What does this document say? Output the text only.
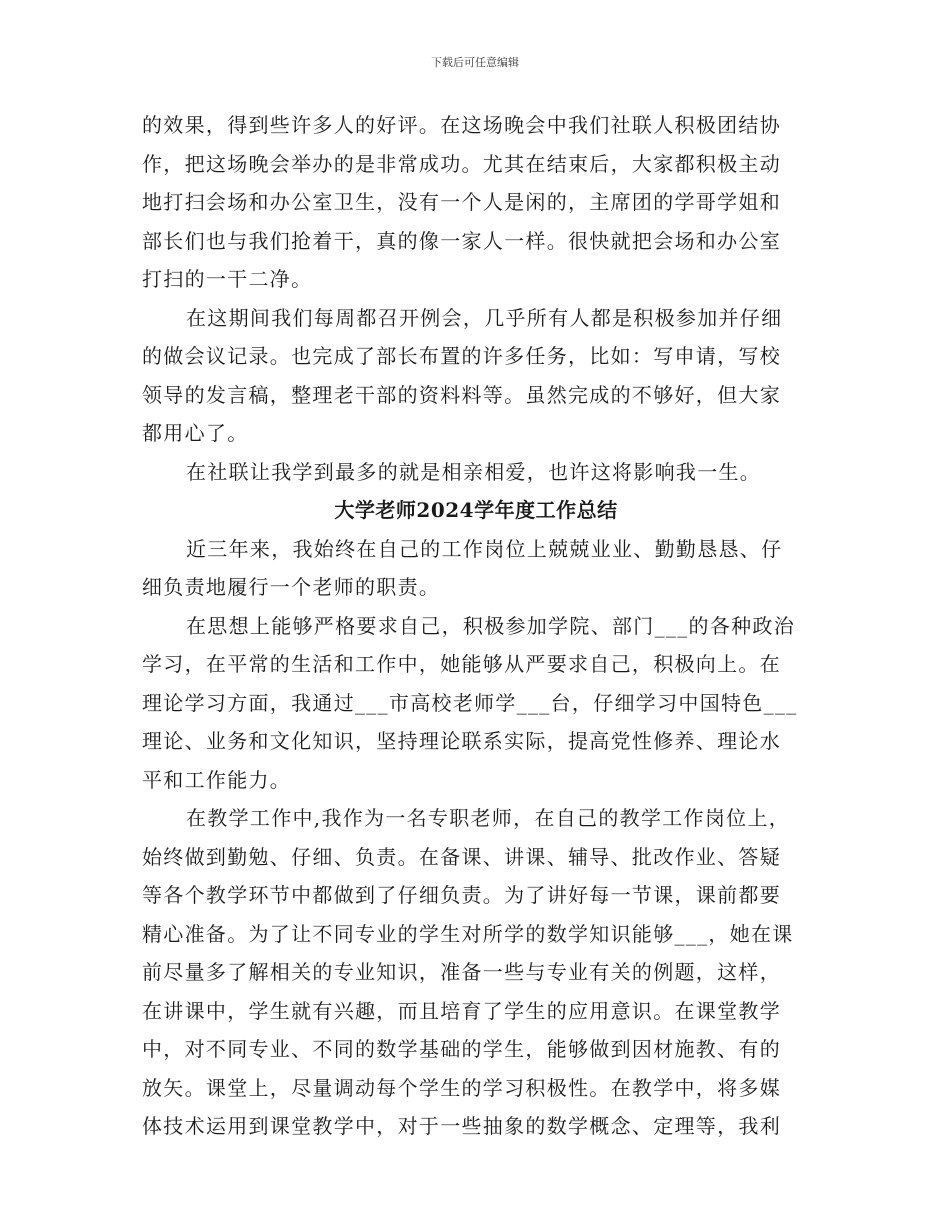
下载后可任意编辑
的效果，得到些许多人的好评。在这场晚会中我们社联人积极团结协
作，把这场晚会举办的是非常成功。尤其在结束后，大家都积极主动
地打扫会场和办公室卫生，没有一个人是闲的，主席团的学哥学姐和
部长们也与我们抢着干，真的像一家人一样。很快就把会场和办公室
打扫的一干二净。
在这期间我们每周都召开例会，几乎所有人都是积极参加并仔细
的做会议记录。也完成了部长布置的许多任务，比如：写申请，写校
领导的发言稿，整理老干部的资料料等。虽然完成的不够好，但大家
都用心了。
在社联让我学到最多的就是相亲相爱，也许这将影响我一生。
大学老师2024学年度工作总结
近三年来，我始终在自己的工作岗位上兢兢业业、勤勤恳恳、仔
细负责地履行一个老师的职责。
在思想上能够严格要求自己，积极参加学院、部门___的各种政治
学习，在平常的生活和工作中，她能够从严要求自己，积极向上。在
理论学习方面，我通过___市高校老师学___台，仔细学习中国特色___
理论、业务和文化知识，坚持理论联系实际，提高党性修养、理论水
平和工作能力。
在教学工作中,我作为一名专职老师，在自己的教学工作岗位上，
始终做到勤勉、仔细、负责。在备课、讲课、辅导、批改作业、答疑
等各个教学环节中都做到了仔细负责。为了讲好每一节课，课前都要
精心准备。为了让不同专业的学生对所学的数学知识能够___，她在课
前尽量多了解相关的专业知识，准备一些与专业有关的例题，这样，
在讲课中，学生就有兴趣，而且培育了学生的应用意识。在课堂教学
中，对不同专业、不同的数学基础的学生，能够做到因材施教、有的
放矢。课堂上，尽量调动每个学生的学习积极性。在教学中，将多媒
体技术运用到课堂教学中，对于一些抽象的数学概念、定理等，我利
